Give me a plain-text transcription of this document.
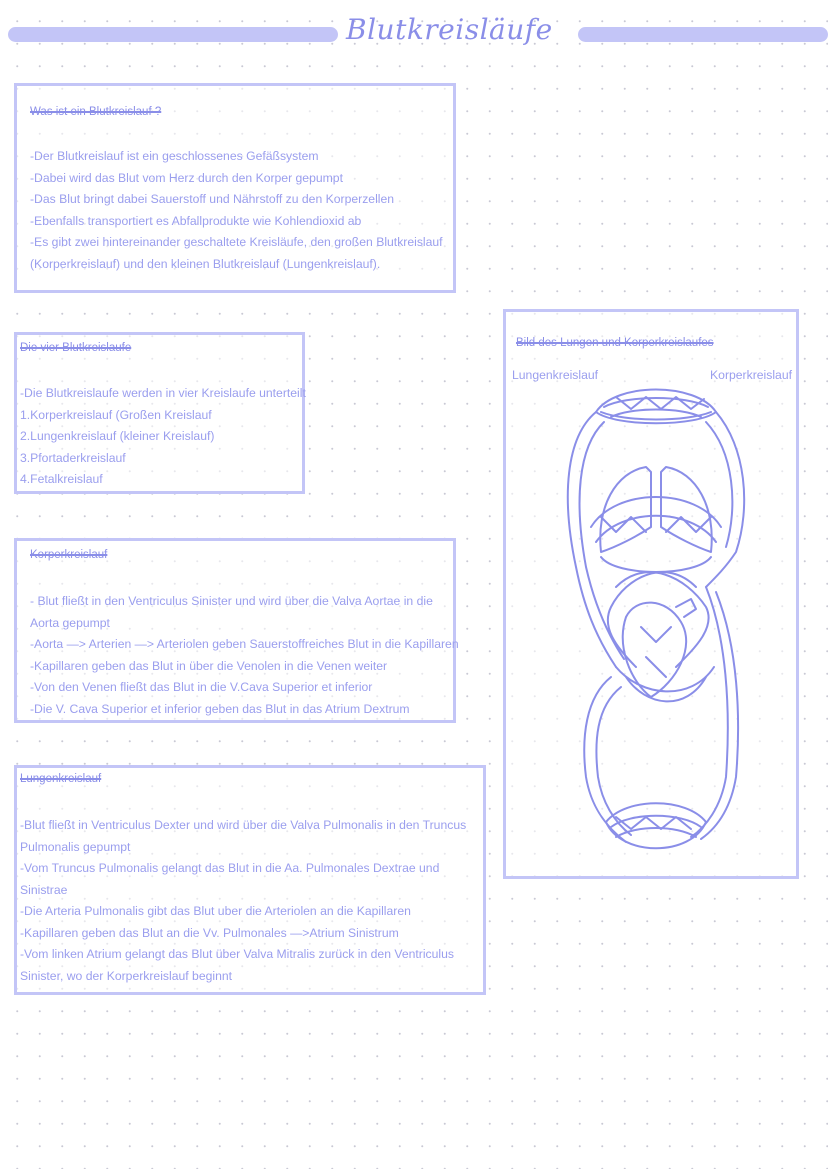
Blutkreisläufe
Was ist ein Blutkreislauf ?
-Der Blutkreislauf ist ein geschlossenes Gefäßsystem
-Dabei wird das Blut vom Herz durch den Korper gepumpt
-Das Blut bringt dabei Sauerstoff und Nährstoff zu den Korperzellen
-Ebenfalls transportiert es Abfallprodukte wie Kohlendioxid ab
-Es gibt zwei hintereinander geschaltete Kreisläufe, den großen Blutkreislauf
(Korperkreislauf) und den kleinen Blutkreislauf (Lungenkreislauf).
Die vier Blutkreislaufe
-Die Blutkreislaufe werden in vier Kreislaufe unterteilt
1.Korperkreislauf (Großen Kreislauf
2.Lungenkreislauf (kleiner Kreislauf)
3.Pfortaderkreislauf
4.Fetalkreislauf
Korperkreislauf
- Blut fließt in den Ventriculus Sinister und wird über die Valva Aortae in die
Aorta gepumpt
-Aorta —> Arterien —> Arteriolen geben Sauerstoffreiches Blut in die Kapillaren
-Kapillaren geben das Blut in über die Venolen in die Venen weiter
-Von den Venen fließt das Blut in die V.Cava Superior et inferior
-Die V. Cava Superior et inferior geben das Blut in das Atrium Dextrum
Lungenkreislauf
-Blut fließt in Ventriculus Dexter und wird über die Valva Pulmonalis in den Truncus
Pulmonalis gepumpt
-Vom Truncus Pulmonalis gelangt das Blut in die Aa. Pulmonales Dextrae und
Sinistrae
-Die Arteria Pulmonalis gibt das Blut uber die Arteriolen an die Kapillaren
-Kapillaren geben das Blut an die Vv. Pulmonales —>Atrium Sinistrum
-Vom linken Atrium gelangt das Blut über Valva Mitralis zurück in den Ventriculus
Sinister, wo der Korperkreislauf beginnt
Bild des Lungen und Korperkreislaufes
Lungenkreislauf	Korperkreislauf
